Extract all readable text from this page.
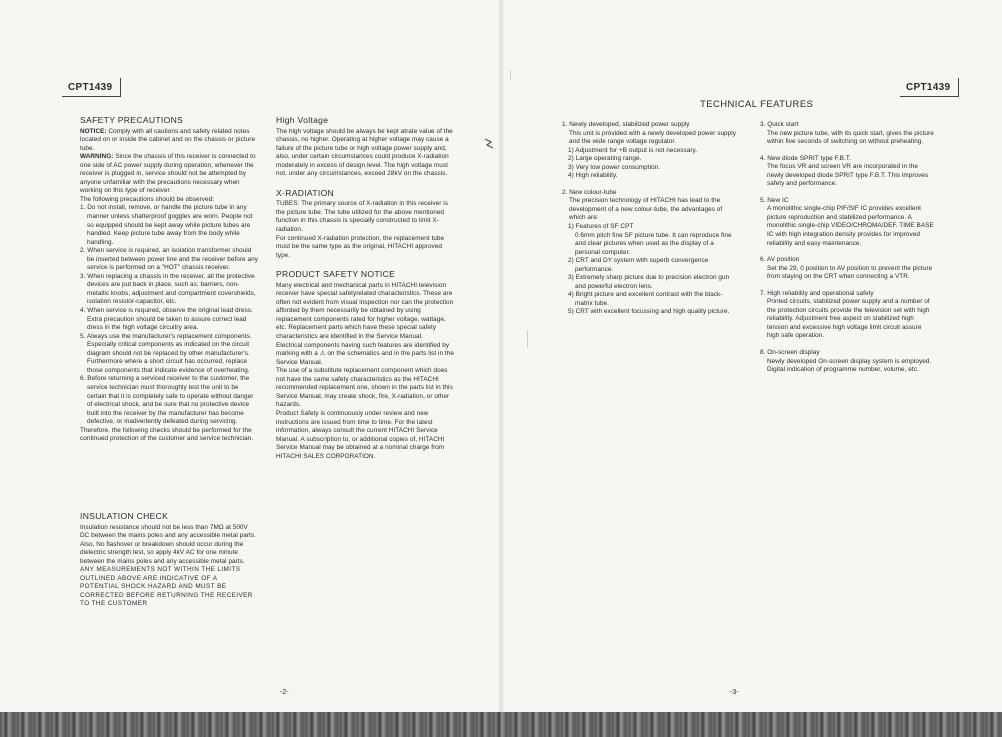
CPT1439
SAFETY PRECAUTIONS

NOTICE: Comply with all cautions and safety related notes located on or inside the cabinet and on the chassis or picture tube.

WARNING: Since the chassis of this receiver is connected to one side of AC power supply during operation, whenever the receiver is plugged in, service should not be attempted by anyone unfamiliar with the precautions necessary when working on this type of receiver.

The following precautions should be observed:

1. Do not install, remove, or handle the picture tube in any manner unless shatterproof goggles are worn. People not so equipped should be kept away while picture tubes are handled. Keep picture tube away from the body while handling.

2. When service is required, an isolation transformer should be inserted between power line and the receiver before any service is performed on a "HOT" chassis receiver.

3. When replacing a chassis in the receiver, all the protective devices are put back in place, such as; barriers, non-metallic knobs, adjustment and compartment covershields, isolation resistor-capacitor, etc.

4. When service is required, observe the original lead dress. Extra precaution should be taken to assure correct lead dress in the high voltage circuitry area.

5. Always use the manufacturer's replacement components. Especially critical components as indicated on the circuit diagram should not be replaced by other manufacturer's. Furthermore where a short circuit has occurred, replace those components that indicate evidence of overheating.

6. Before returning a serviced receiver to the customer, the service technician must thoroughly test the unit to be certain that it is completely safe to operate without danger of electrical shock, and be sure that no protective device built into the receiver by the manufacturer has become defective, or inadvertently defeated during servicing.

Therefore, the following checks should be performed for the continued protection of the customer and service technician.

INSULATION CHECK

Insulation resistance should not be less than 7MΩ at 500V DC between the mains poles and any accessible metal parts.

Also, No flashover or breakdown should occur during the dielectric strength test, so apply 4kV AC for one minute between the mains poles and any accessible metal parts.

ANY MEASUREMENTS NOT WITHIN THE LIMITS OUTLINED ABOVE ARE INDICATIVE OF A POTENTIAL SHOCK HAZARD AND MUST BE CORRECTED BEFORE RETURNING THE RECEIVER TO THE CUSTOMER

High Voltage

The high voltage should be always be kept atrate value of the chassis, no higher. Operating at higher voltage may cause a failure of the picture tube or high voltage power supply and, also, under certain circumstances could produce X-radiation moderately in excess of design level. The high voltage must not, under any circumstances, exceed 28kV on the chassis.

X-RADIATION

TUBES: The primary source of X-radiation in this receiver is the picture tube. The tube utilized for the above mentioned function in this chassis is specially constructed to limit X-radiation.

For continued X-radiation protection, the replacement tube must be the same type as the original, HITACHI approved type.

PRODUCT SAFETY NOTICE

Many electrical and mechanical parts in HITACHI television receiver have special safetyrelated characteristics. These are often not evident from visual inspection nor can the protection afforded by them necessarily be obtained by using replacement components rated for higher voltage, wattage, etc. Replacement parts which have these special safety characteristics are identified in the Service Manual.

Electrical components having such features are identified by marking with a ⚠ on the schematics and in the parts list in the Service Manual.

The use of a substitute replacement component which does not have the same safety characteristics as the HITACHI recommended replacement one, shown in the parts list in this Service Manual, may create shock, fire, X-radiation, or other hazards.

Product Safety is continuously under review and new instructions are issued from time to time. For the latest information, always consult the current HITACHI Service Manual. A subscription to, or additional copies of, HITACHI Service Manual may be obtained at a nominal charge from HITACHI SALES CORPORATION.

-2-
CPT1439
TECHNICAL FEATURES

1. Newly developed, stabilized power supply

This unit is provided with a newly developed power supply and the wide range voltage regulator.

1) Adjustment for +B output is not necessary.

2) Large operating range.

3) Very low power consumption.

4) High reliability.

2. New colour-tube

The precision technology of HITACHI has lead to the development of a new colour-tube, the advantages of which are:

1) Features of SF CPT

0.6mm pitch fine SF picture tube. It can reproduce fine and clear pictures when used as the display of a personal computer.

2) CRT and DY system with superb convergence performance.

3) Extremely sharp picture due to precision electron gun and powerful electron lens.

4) Bright picture and excellent contrast with the black-matrix tube.

5) CRT with excellent focussing and high quality picture.

3. Quick start

The new picture tube, with its quick start, gives the picture within five seconds of switching on without preheating.

4. New diode SPRIT type F.B.T.

The focus VR and screen VR are incorporated in the newly developed diode SPRIT type F.B.T. This improves safety and performance.

5. New IC

A monolithic single-chip PIF/SIF IC provides excellent picture reproduction and stabilized performance. A monolithic single-chip VIDEO/CHROMA/DEF. TIME BASE IC with high integration density provides for improved reliability and easy maintenance.

6. AV position

Set the 29, 0 position to AV position to prevent the picture from staying on the CRT when connecting a VTR.

7. High reliability and operational safety

Printed circuits, stabilized power supply and a number of the protection circuits provide the television set with high reliability. Adjustment free aspect on stabilized high tension and excessive high voltage limit circuit assure high safe operation.

8. On-screen display

Newly developed On-screen display system is employed. Digital indication of programme number, volume, etc.

-3-
